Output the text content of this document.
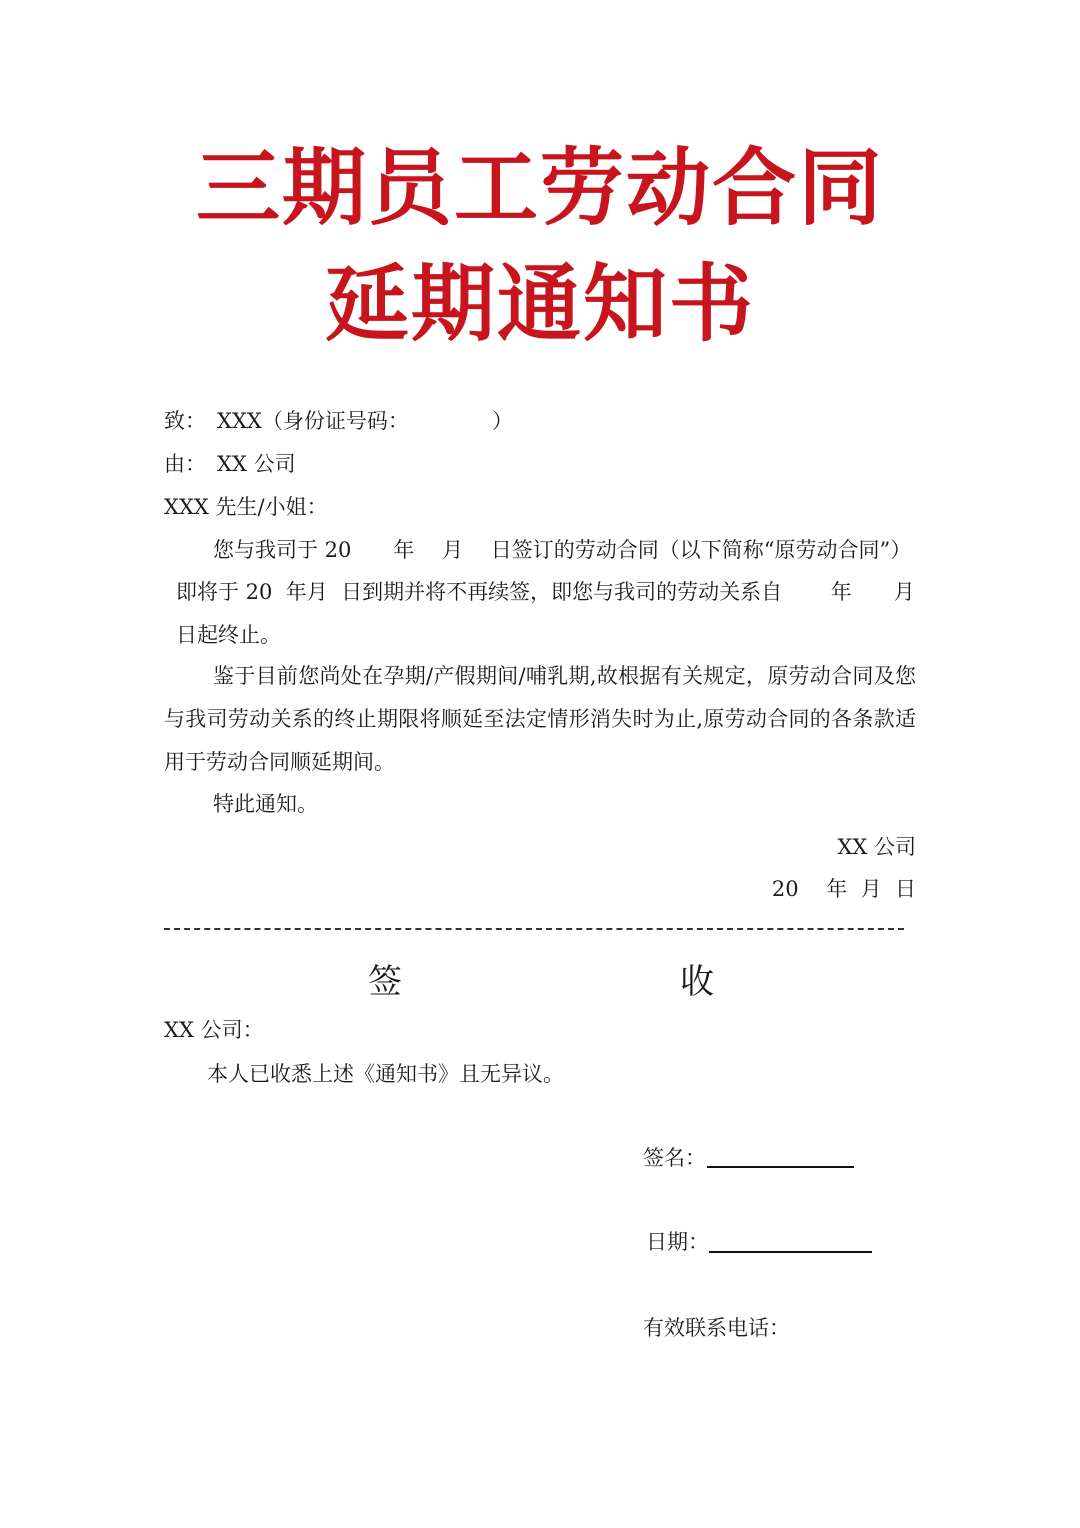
三期员工劳动合同
延期通知书
致： XXX（身份证号码：	）
由： XX 公司
XXX 先生/小姐：
您与我司于 20　　年　 月　 日签订的劳动合同（以下简称“原劳动合同”）
即将于 20  年月  日到期并将不再续签，即您与我司的劳动关系自　　 年　　月
日起终止。
鉴于目前您尚处在孕期/产假期间/哺乳期,故根据有关规定，原劳动合同及您与我司劳动关系的终止期限将顺延至法定情形消失时为止,原劳动合同的各条款适用于劳动合同顺延期间。
特此通知。
XX 公司
20　 年  月  日
签	收
XX 公司：
本人已收悉上述《通知书》且无异议。
签名：
日期：
有效联系电话：
